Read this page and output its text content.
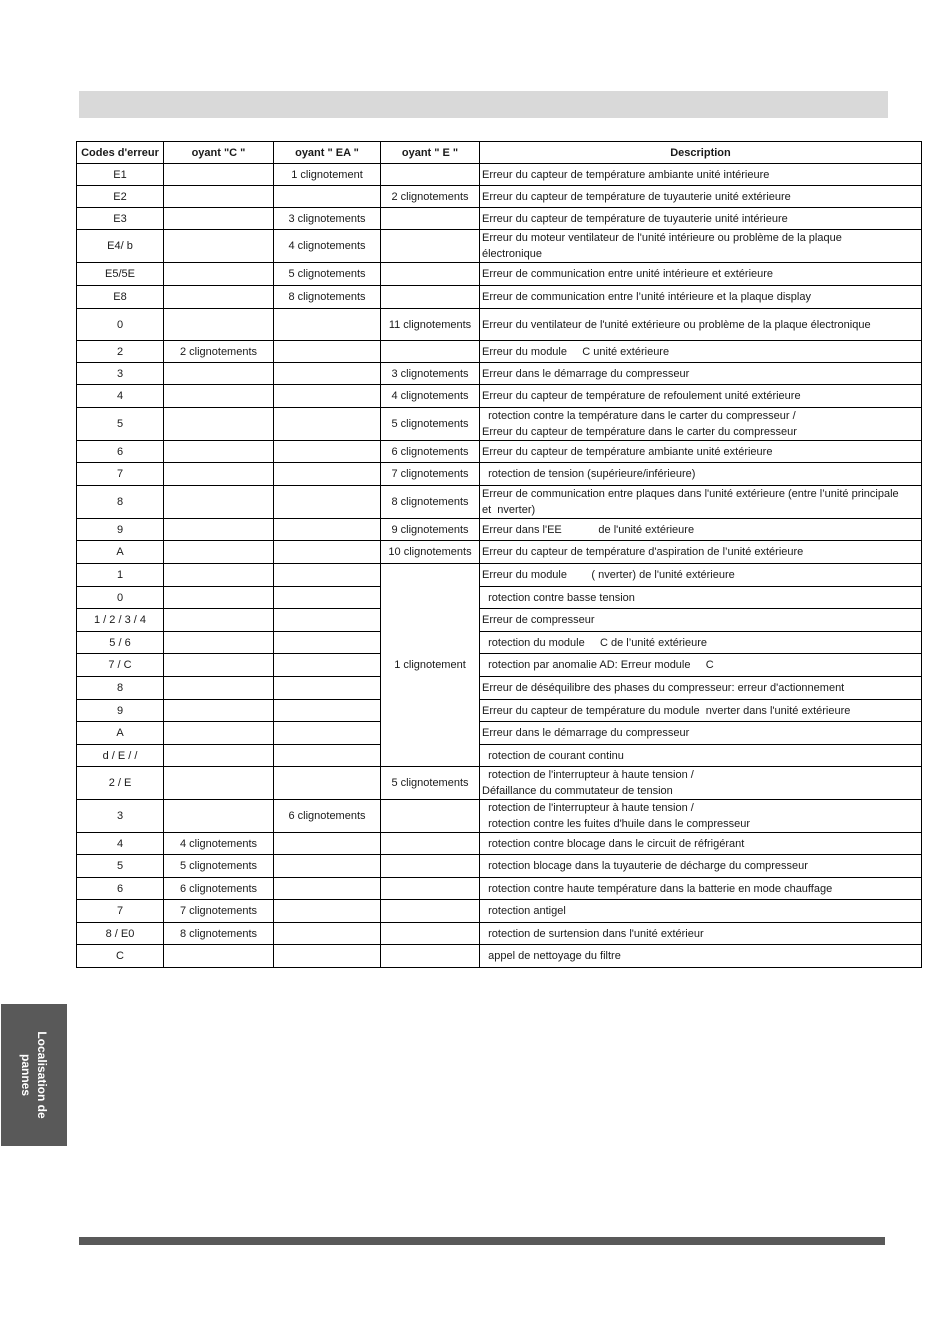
Codes d'erreur	oyant "C "	oyant " EA "	oyant " E "	Description
E1		1 clignotement		Erreur du capteur de température ambiante unité intérieure
E2			2 clignotements	Erreur du capteur de température de tuyauterie unité extérieure
E3		3 clignotements		Erreur du capteur de température de tuyauterie unité intérieure
E4/ b		4 clignotements		Erreur du moteur ventilateur de l'unité intérieure ou problème de la plaque
électronique
E5/5E		5 clignotements		Erreur de communication entre unité intérieure et extérieure
E8		8 clignotements		Erreur de communication entre l’unité intérieure et la plaque display
0			11 clignotements	Erreur du ventilateur de l'unité extérieure ou problème de la plaque électronique
2	2 clignotements			Erreur du module     C unité extérieure
3			3 clignotements	Erreur dans le démarrage du compresseur
4			4 clignotements	Erreur du capteur de température de refoulement unité extérieure
5			5 clignotements	rotection contre la température dans le carter du compresseur /
Erreur du capteur de température dans le carter du compresseur
6			6 clignotements	Erreur du capteur de température ambiante unité extérieure
7			7 clignotements	rotection de tension (supérieure/inférieure)
8			8 clignotements	Erreur de communication entre plaques dans l'unité extérieure (entre l’unité principale
et  nverter)
9			9 clignotements	Erreur dans l'EE            de l'unité extérieure
A			10 clignotements	Erreur du capteur de température d'aspiration de l’unité extérieure
1			1 clignotement	Erreur du module        ( nverter) de l'unité extérieure
0				rotection contre basse tension
1 / 2 / 3 / 4				Erreur de compresseur
5 / 6				rotection du module     C de l’unité extérieure
7 / C				rotection par anomalie AD: Erreur module     C
8				Erreur de déséquilibre des phases du compresseur: erreur d'actionnement
9				Erreur du capteur de température du module  nverter dans l'unité extérieure
A				Erreur dans le démarrage du compresseur
d / E / /				rotection de courant continu
2 / E			5 clignotements	rotection de l'interrupteur à haute tension /
Défaillance du commutateur de tension
3		6 clignotements		rotection de l'interrupteur à haute tension /
rotection contre les fuites d'huile dans le compresseur
4	4 clignotements			rotection contre blocage dans le circuit de réfrigérant
5	5 clignotements			rotection blocage dans la tuyauterie de décharge du compresseur
6	6 clignotements			rotection contre haute température dans la batterie en mode chauffage
7	7 clignotements			rotection antigel
8 / E0	8 clignotements			rotection de surtension dans l'unité extérieur
C				appel de nettoyage du filtre
Localisation de
pannes
